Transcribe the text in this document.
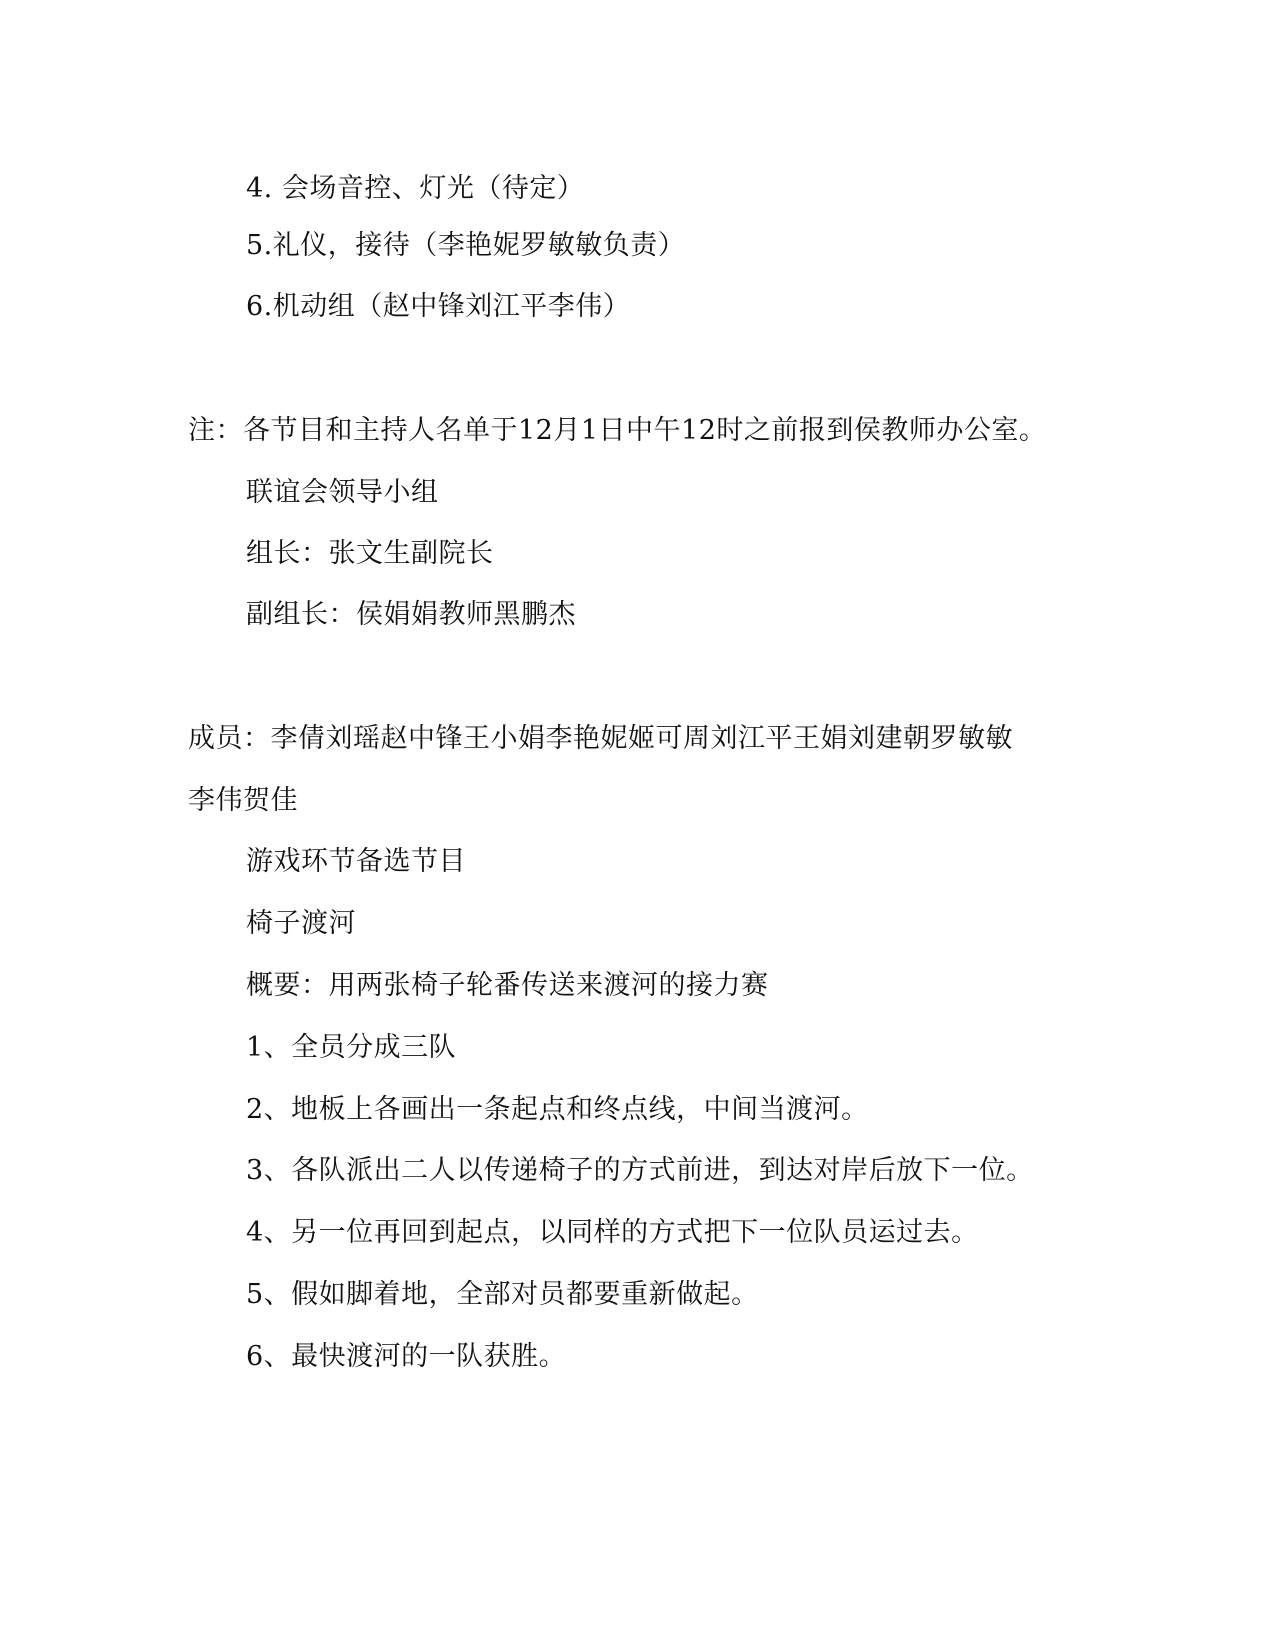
4. 会场音控、灯光（待定）
5.礼仪，接待（李艳妮罗敏敏负责）
6.机动组（赵中锋刘江平李伟）
注：各节目和主持人名单于12月1日中午12时之前报到侯教师办公室。
联谊会领导小组
组长：张文生副院长
副组长：侯娟娟教师黑鹏杰
成员：李倩刘瑶赵中锋王小娟李艳妮姬可周刘江平王娟刘建朝罗敏敏
李伟贺佳
游戏环节备选节目
椅子渡河
概要：用两张椅子轮番传送来渡河的接力赛
1、全员分成三队
2、地板上各画出一条起点和终点线，中间当渡河。
3、各队派出二人以传递椅子的方式前进，到达对岸后放下一位。
4、另一位再回到起点，以同样的方式把下一位队员运过去。
5、假如脚着地，全部对员都要重新做起。
6、最快渡河的一队获胜。
